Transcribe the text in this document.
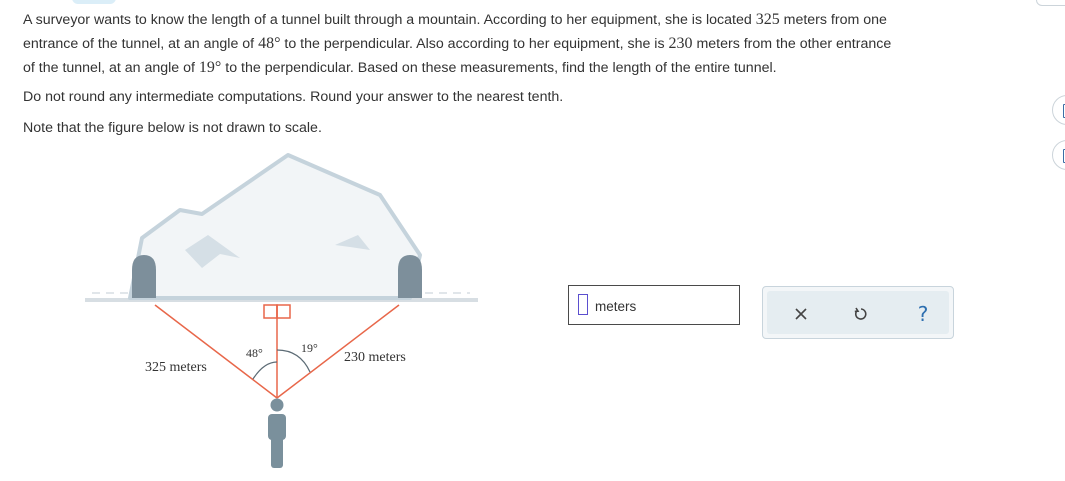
A surveyor wants to know the length of a tunnel built through a mountain. According to her equipment, she is located 325 meters from one

entrance of the tunnel, at an angle of 48° to the perpendicular. Also according to her equipment, she is 230 meters from the other entrance

of the tunnel, at an angle of 19° to the perpendicular. Based on these measurements, find the length of the entire tunnel.

Do not round any intermediate computations. Round your answer to the nearest tenth.
Note that the figure below is not drawn to scale.
48°	19°
325 meters
230 meters
meters	?
